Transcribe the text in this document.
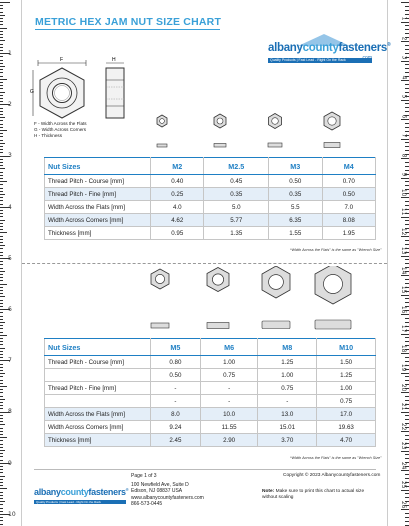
1
2
3
4
5
6
7
8
9
10
1
2
3
4
5
6
7
8
9
10
11
12
13
14
15
16
17
18
19
20
21
22
23
24
25
26
METRIC HEX JAM NUT SIZE CHART
albanycountyfasteners®
Quality Products | Fast Lead - Right On the Rack
F
G
H
F - Width Across the Flats
G - Width Across Corners
H - Thickness
Nut Sizes	M2	M2.5	M3	M4
Thread Pitch - Course [mm]	0.40	0.45	0.50	0.70
Thread Pitch - Fine [mm]	0.25	0.35	0.35	0.50
Width Across the Flats [mm]	4.0	5.0	5.5	7.0
Width Across Corners [mm]	4.62	5.77	6.35	8.08
Thickness [mm]	0.95	1.35	1.55	1.95
*Width Across the Flats" is the same as "Wrench Size"
Nut Sizes	M5	M6	M8	M10
Thread Pitch - Course [mm]	0.80	1.00	1.25	1.50
	0.50	0.75	1.00	1.25
Thread Pitch - Fine [mm]	-	-	0.75	1.00
	-	-	-	0.75
Width Across the Flats [mm]	8.0	10.0	13.0	17.0
Width Across Corners [mm]	9.24	11.55	15.01	19.63
Thickness [mm]	2.45	2.90	3.70	4.70
*Width Across the Flats" is the same as "Wrench Size"
albanycountyfasteners®
Quality Products | Fast Lead - Right On the Rack
Page 1 of 3
100 Newfield Ave, Suite D
Edison, NJ 08837 USA
www.albanycountyfasteners.com
866-573-0445
Copyright © 2023 Albanycountyfasteners.com
Note: Make sure to print this chart to actual size without scaling
